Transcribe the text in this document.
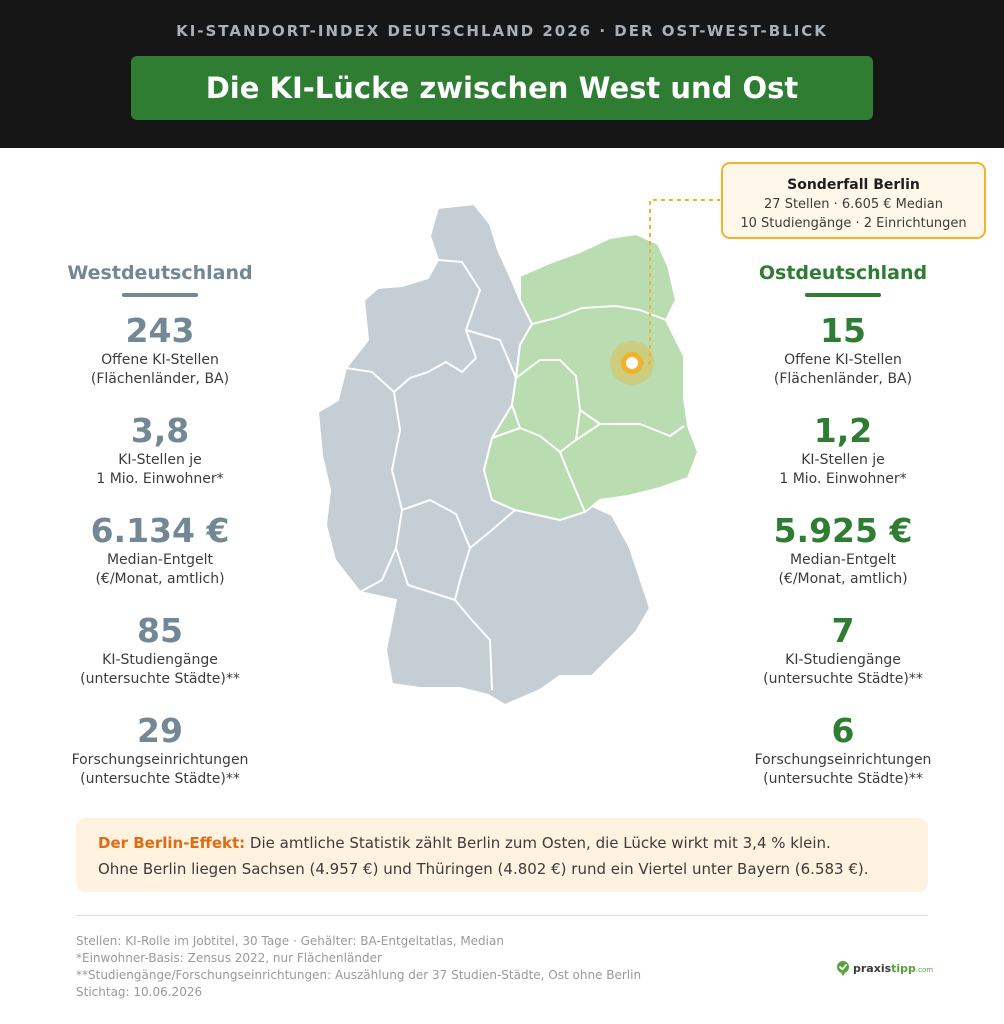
KI-STANDORT-INDEX DEUTSCHLAND 2026 · DER OST-WEST-BLICK
Die KI-Lücke zwischen West und Ost
Westdeutschland
243
Offene KI-Stellen
(Flächenländer, BA)
3,8
KI-Stellen je
1 Mio. Einwohner*
6.134 €
Median-Entgelt
(€/Monat, amtlich)
85
KI-Studiengänge
(untersuchte Städte)**
29
Forschungseinrichtungen
(untersuchte Städte)**
Ostdeutschland
15
Offene KI-Stellen
(Flächenländer, BA)
1,2
KI-Stellen je
1 Mio. Einwohner*
5.925 €
Median-Entgelt
(€/Monat, amtlich)
7
KI-Studiengänge
(untersuchte Städte)**
6
Forschungseinrichtungen
(untersuchte Städte)**
Sonderfall Berlin
27 Stellen · 6.605 € Median
10 Studiengänge · 2 Einrichtungen
Der Berlin-Effekt: Die amtliche Statistik zählt Berlin zum Osten, die Lücke wirkt mit 3,4 % klein.
Ohne Berlin liegen Sachsen (4.957 €) und Thüringen (4.802 €) rund ein Viertel unter Bayern (6.583 €).
Stellen: KI-Rolle im Jobtitel, 30 Tage · Gehälter: BA-Entgeltatlas, Median
*Einwohner-Basis: Zensus 2022, nur Flächenländer
**Studiengänge/Forschungseinrichtungen: Auszählung der 37 Studien-Städte, Ost ohne Berlin
Stichtag: 10.06.2026
praxistipp.com
